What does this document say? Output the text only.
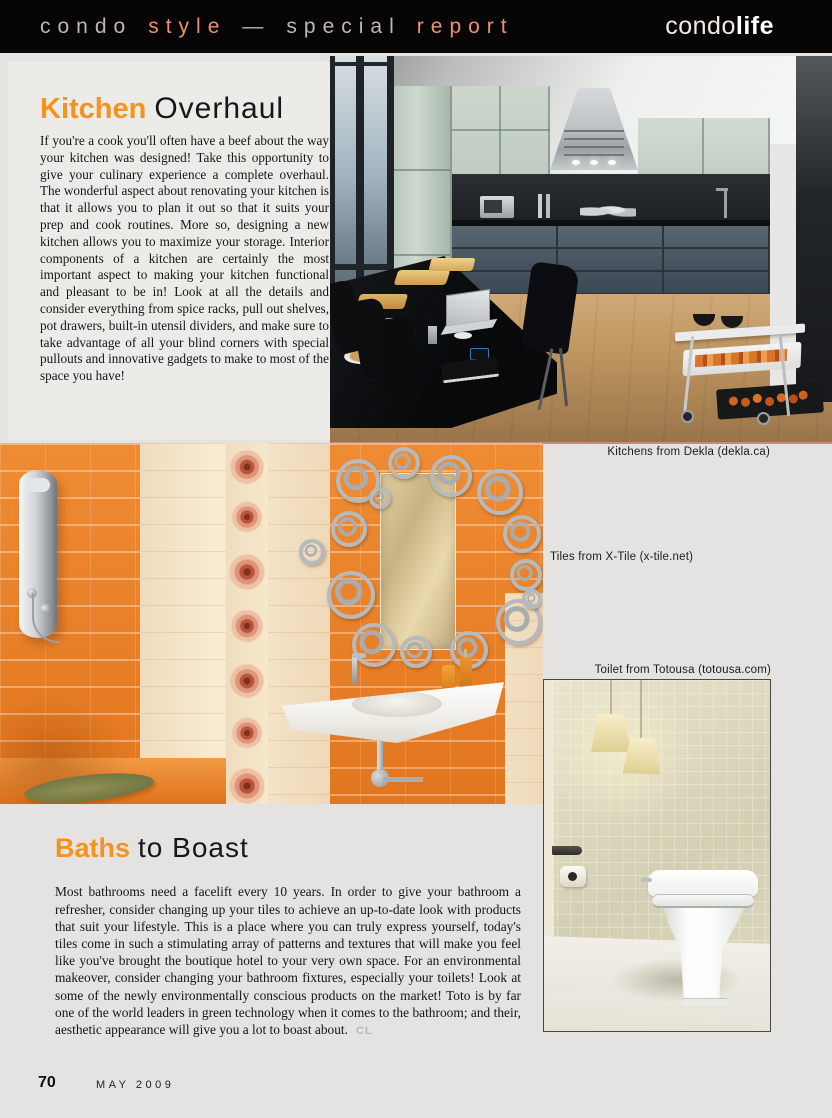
condo style — special report	condolife
Kitchen Overhaul

If you're a cook you'll often have a beef about the way your kitchen was designed! Take this opportunity to give your culinary experience a complete overhaul. The wonderful aspect about renovating your kitchen is that it allows you to plan it out so that it suits your prep and cook routines. More so, designing a new kitchen allows you to maximize your storage. Interior components of a kitchen are certainly the most important aspect to making your kitchen functional and pleasant to be in! Look at all the details and consider everything from spice racks, pull out shelves, pot drawers, built-in utensil dividers, and make sure to take advantage of all your blind corners with special pullouts and innovative gadgets to make to most of the space you have!

Kitchens from Dekla (dekla.ca)
Tiles from X-Tile (x-tile.net)
Toilet from Totousa (totousa.com)
Baths to Boast

Most bathrooms need a facelift every 10 years. In order to give your bathroom a refresher, consider changing up your tiles to achieve an up-to-date look with products that suit your lifestyle. This is a place where you can truly express yourself, today's tiles come in such a stimulating array of patterns and textures that will make you feel like you've brought the boutique hotel to your very own space. For an environmental makeover, consider changing your bathroom fixtures, especially your toilets! Look at some of the newly environmentally conscious products on the market! Toto is by far one of the world leaders in green technology when it comes to the bathroom; and their, aesthetic appearance will give you a lot to boast about. CL

70	MAY 2009
